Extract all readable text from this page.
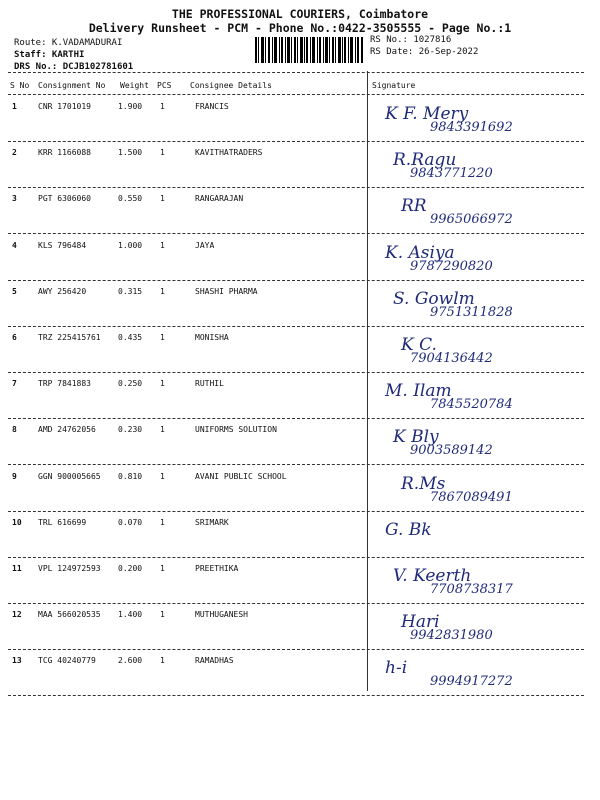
THE PROFESSIONAL COURIERS, Coimbatore
Delivery Runsheet - PCM - Phone No.:0422-3505555 - Page No.:1
Route: K.VADAMADURAI
Staff: KARTHI
DRS No.: DCJB102781601
RS No.: 1027816
RS Date: 26-Sep-2022
S No Consignment No Weight PCS Consignee Details	Signature
1	CNR 1701019	1.900 1	FRANCIS	K F. Mery
9843391692
2	KRR 1166088	1.500 1	KAVITHATRADERS	R.Ragu
9843771220
3	PGT 6306060	0.550 1	RANGARAJAN	RR
9965066972
4	KLS 796484	1.000 1	JAYA	K. Asiya
9787290820
5	AWY 256420	0.315 1	SHASHI PHARMA	S. Gowlm
9751311828
6	TRZ 225415761 0.435 1	MONISHA	K C.
7904136442
7	TRP 7841883	0.250 1	RUTHIL	M. Ilam
7845520784
8	AMD 24762056	0.230 1	UNIFORMS SOLUTION	K Bly
9003589142
9	GGN 900005665 0.810 1	AVANI PUBLIC SCHOOL	R.Ms
7867089491
10 TRL 616699	0.070 1	SRIMARK	G. Bk
11 VPL 124972593 0.200 1	PREETHIKA	V. Keerth
7708738317
12 MAA 566020535 1.400 1	MUTHUGANESH	Hari
9942831980
13 TCG 40240779	2.600 1	RAMADHAS	h-i
9994917272
